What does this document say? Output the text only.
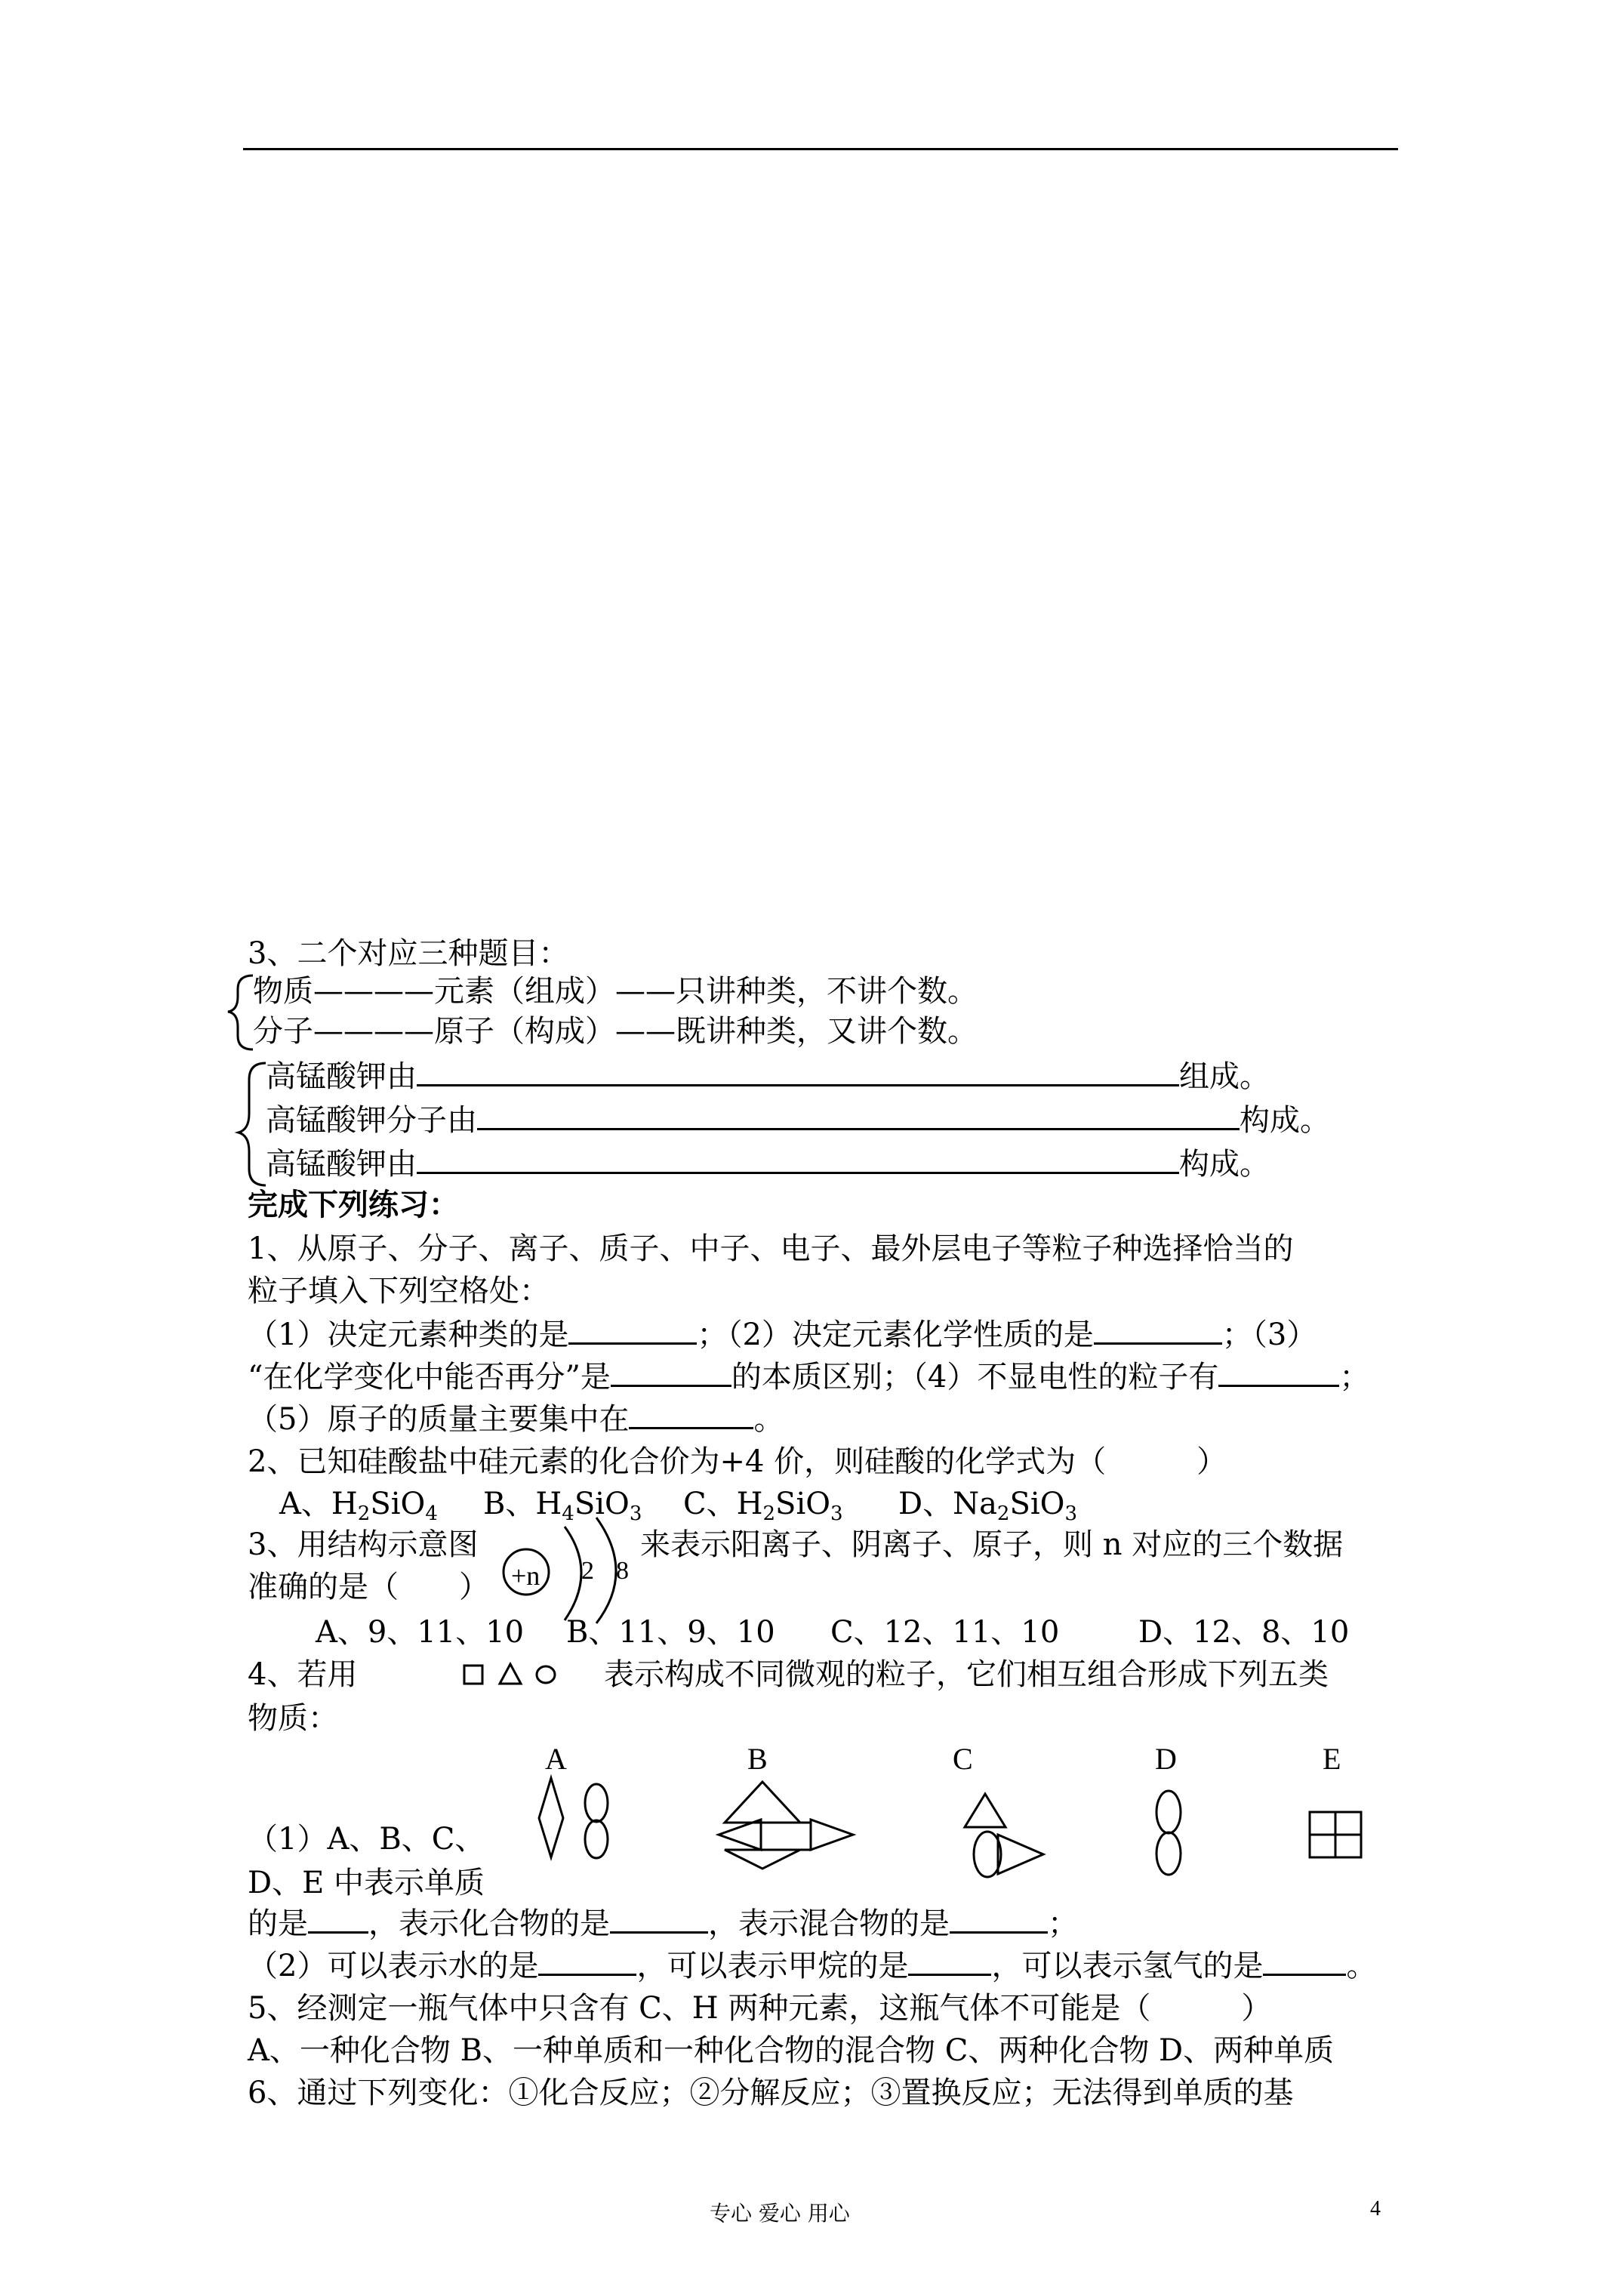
3、二个对应三种题目：
物质————元素（组成）——只讲种类，不讲个数。
分子————原子（构成）——既讲种类，又讲个数。
高锰酸钾由	组成。
高锰酸钾分子由	构成。
高锰酸钾由	构成。
完成下列练习：
1、从原子、分子、离子、质子、中子、电子、最外层电子等粒子种选择恰当的
粒子填入下列空格处：
（1）决定元素种类的是	；（2）决定元素化学性质的是	；（3）
“在化学变化中能否再分”是	的本质区别；（4）不显电性的粒子有	；
（5）原子的质量主要集中在	。
2、已知硅酸盐中硅元素的化合价为+4 价，则硅酸的化学式为（　　　）
A、$H_2SiO_4$ B、$H_4SiO_3$ C、$H_2SiO_3$ D、$Na_2SiO_3$
3、用结构示意图	来表示阳离子、阴离子、原子，则 n 对应的三个数据
准确的是（　　） +n 2 8
A、9、11、10 B、11、9、10 C、12、11、10	D、12、8、10
4、若用	表示构成不同微观的粒子，它们相互组合形成下列五类
物质：
A	B	C	D	E
（1）A、B、C、
D、E 中表示单质
的是 ，表示化合物的是	，表示混合物的是	；
（2）可以表示水的是	，可以表示甲烷的是	，可以表示氢气的是	。
5、经测定一瓶气体中只含有 C、H 两种元素，这瓶气体不可能是（　　　）
A、一种化合物 B、一种单质和一种化合物的混合物 C、两种化合物 D、两种单质
6、通过下列变化：①化合反应；②分解反应；③置换反应；无法得到单质的基
专心 爱心 用心	4
